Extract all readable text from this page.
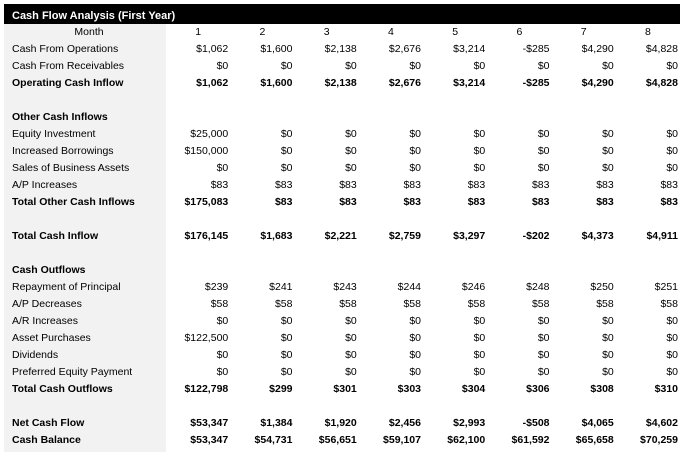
Cash Flow Analysis (First Year)
Month	1	2	3	4	5	6	7	8
Cash From Operations	$1,062	$1,600	$2,138	$2,676	$3,214	-$285	$4,290	$4,828
Cash From Receivables	$0	$0	$0	$0	$0	$0	$0	$0
Operating Cash Inflow	$1,062	$1,600	$2,138	$2,676	$3,214	-$285	$4,290	$4,828

Other Cash Inflows								
Equity Investment	$25,000	$0	$0	$0	$0	$0	$0	$0
Increased Borrowings	$150,000	$0	$0	$0	$0	$0	$0	$0
Sales of Business Assets	$0	$0	$0	$0	$0	$0	$0	$0
A/P Increases	$83	$83	$83	$83	$83	$83	$83	$83
Total Other Cash Inflows	$175,083	$83	$83	$83	$83	$83	$83	$83

Total Cash Inflow	$176,145	$1,683	$2,221	$2,759	$3,297	-$202	$4,373	$4,911

Cash Outflows								
Repayment of Principal	$239	$241	$243	$244	$246	$248	$250	$251
A/P Decreases	$58	$58	$58	$58	$58	$58	$58	$58
A/R Increases	$0	$0	$0	$0	$0	$0	$0	$0
Asset Purchases	$122,500	$0	$0	$0	$0	$0	$0	$0
Dividends	$0	$0	$0	$0	$0	$0	$0	$0
Preferred Equity Payment	$0	$0	$0	$0	$0	$0	$0	$0
Total Cash Outflows	$122,798	$299	$301	$303	$304	$306	$308	$310

Net Cash Flow	$53,347	$1,384	$1,920	$2,456	$2,993	-$508	$4,065	$4,602
Cash Balance	$53,347	$54,731	$56,651	$59,107	$62,100	$61,592	$65,658	$70,259
